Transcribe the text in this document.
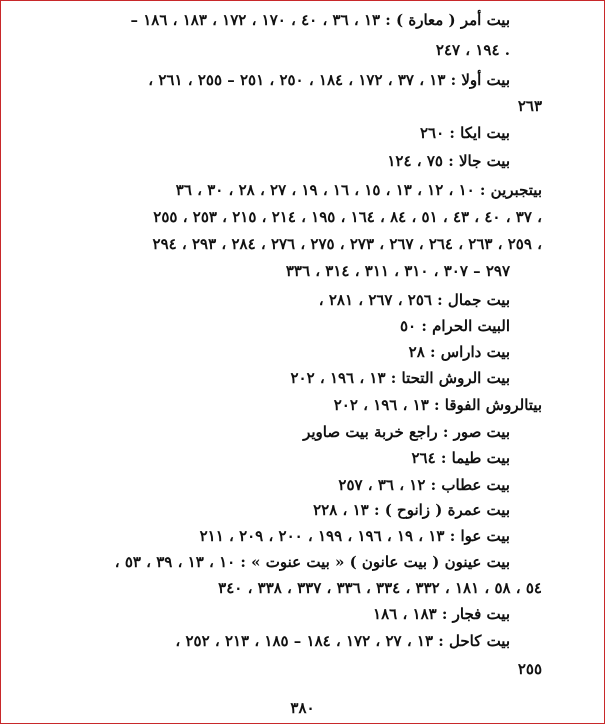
بيت أمر ( معارة ) : ١٣ ، ٣٦ ، ٤٠ ، ١٧٠ ، ١٧٢ ، ١٨٣ ، ١٨٦ –
١٩٤ ، ٢٤٧ .
بيت أولا : ١٣ ، ٣٧ ، ١٧٢ ، ١٨٤ ، ٢٥٠ ، ٢٥١ – ٢٥٥ ، ٢٦١ ،
٢٦٣
بيت ايكا : ٢٦٠
بيت جالا : ٧٥ ، ١٢٤
بيتجبرين : ١٠ ، ١٢ ، ١٣ ، ١٥ ، ١٦ ، ١٩ ، ٢٧ ، ٢٨ ، ٣٠ ، ٣٦
٣٧ ، ٤٠ ، ٤٣ ، ٥١ ، ٨٤ ، ١٦٤ ، ١٩٥ ، ٢١٤ ، ٢١٥ ، ٢٥٣ ، ٢٥٥ ،
٢٥٩ ، ٢٦٣ ، ٢٦٤ ، ٢٦٧ ، ٢٧٣ ، ٢٧٥ ، ٢٧٦ ، ٢٨٤ ، ٢٩٣ ، ٢٩٤ ،
٢٩٧ – ٣٠٧ ، ٣١٠ ، ٣١١ ، ٣١٤ ، ٣٣٦
بيت جمال : ٢٥٦ ، ٢٦٧ ، ٢٨١ ،
البيت الحرام : ٥٠
بيت داراس : ٢٨
بيت الروش التحتا : ١٣ ، ١٩٦ ، ٢٠٢
بيتالروش الفوقا : ١٣ ، ١٩٦ ، ٢٠٢
بيت صور : راجع خربة بيت صاوير
بيت طيما : ٢٦٤
بيت عطاب : ١٢ ، ٣٦ ، ٢٥٧
بيت عمرة ( زانوح ) : ١٣ ، ٢٢٨
بيت عوا : ١٣ ، ١٩ ، ١٩٦ ، ١٩٩ ، ٢٠٠ ، ٢٠٩ ، ٢١١
بيت عينون ( بيت عانون ) « بيت عنوت » : ١٠ ، ١٣ ، ٣٩ ، ٥٣ ،
٥٤ ، ٥٨ ، ١٨١ ، ٣٣٢ ، ٣٣٤ ، ٣٣٦ ، ٣٣٧ ، ٣٣٨ ، ٣٤٠
بيت فجار : ١٨٣ ، ١٨٦
بيت كاحل : ١٣ ، ٢٧ ، ١٧٢ ، ١٨٤ – ١٨٥ ، ٢١٣ ، ٢٥٢ ،
٢٥٥
٣٨٠
